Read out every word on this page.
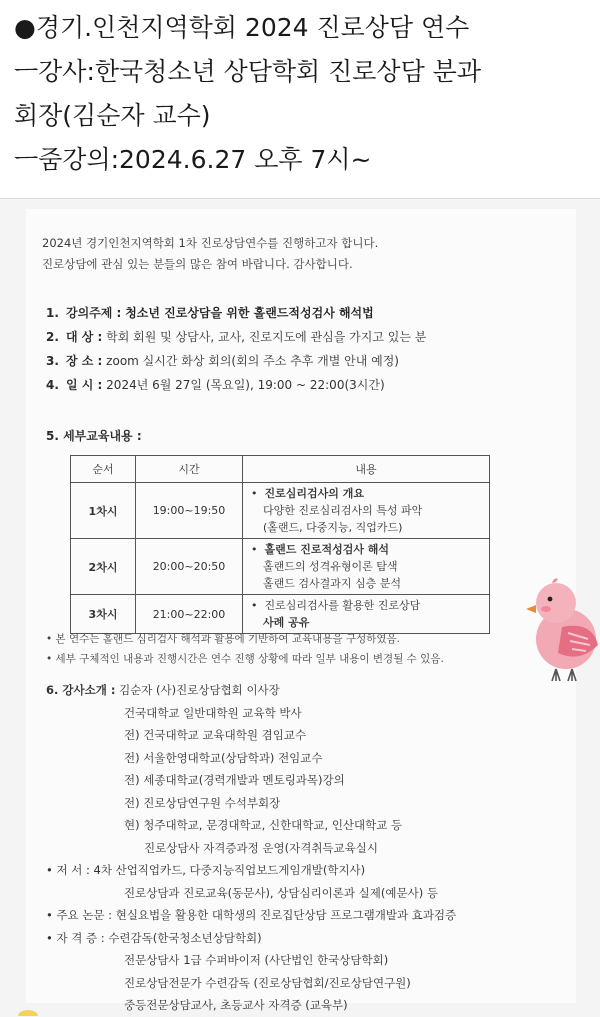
●경기.인천지역학회 2024 진로상담 연수
ㅡ강사:한국청소년 상담학회 진로상담 분과
회장(김순자 교수)
ㅡ줌강의:2024.6.27 오후 7시~
2024년 경기인천지역학회 1차 진로상담연수를 진행하고자 합니다.
진로상담에 관심 있는 분들의 많은 참여 바랍니다. 감사합니다.
1. 강의주제 : 청소년 진로상담을 위한 홀랜드적성검사 해석법
2. 대 상 : 학회 회원 및 상담사, 교사, 진로지도에 관심을 가지고 있는 분
3. 장 소 : zoom 실시간 화상 회의(회의 주소 추후 개별 안내 예정)
4. 일 시 : 2024년 6월 27일 (목요일), 19:00 ~ 22:00(3시간)
5. 세부교육내용 :
순서	시간	내용
1차시	19:00~19:50	• 진로심리검사의 개요
다양한 진로심리검사의 특성 파악
(홀랜드, 다중지능, 직업카드)

2차시	20:00~20:50	• 홀랜드 진로적성검사 해석
홀랜드의 성격유형이론 탐색
홀랜드 검사결과지 심층 분석

3차시	21:00~22:00	• 진로심리검사를 활용한 진로상담
사례 공유
• 본 연수는 홀랜드 심리검사 해석과 활용에 기반하여 교육내용을 구성하였음.
• 세부 구체적인 내용과 진행시간은 연수 진행 상황에 따라 일부 내용이 변경될 수 있음.
6. 강사소개 : 김순자 (사)진로상담협회 이사장
건국대학교 일반대학원 교육학 박사
전) 건국대학교 교육대학원 겸임교수
전) 서울한영대학교(상담학과) 전임교수
전) 세종대학교(경력개발과 멘토링과목)강의
전) 진로상담연구원 수석부회장
현) 청주대학교, 문경대학교, 신한대학교, 인산대학교 등
진로상담사 자격증과정 운영(자격취득교육실시
• 저 서 : 4차 산업직업카드, 다중지능직업보드게임개발(학지사)
진로상담과 진로교육(동문사), 상담심리이론과 실제(예문사) 등
• 주요 논문 : 현실요법을 활용한 대학생의 진로집단상담 프로그램개발과 효과검증
• 자 격 증 : 수련감독(한국청소년상담학회)
전문상담사 1급 수퍼바이저 (사단법인 한국상담학회)
진로상담전문가 수련감독 (진로상담협회/진로상담연구원)
중등전문상담교사, 초등교사 자격증 (교육부)
